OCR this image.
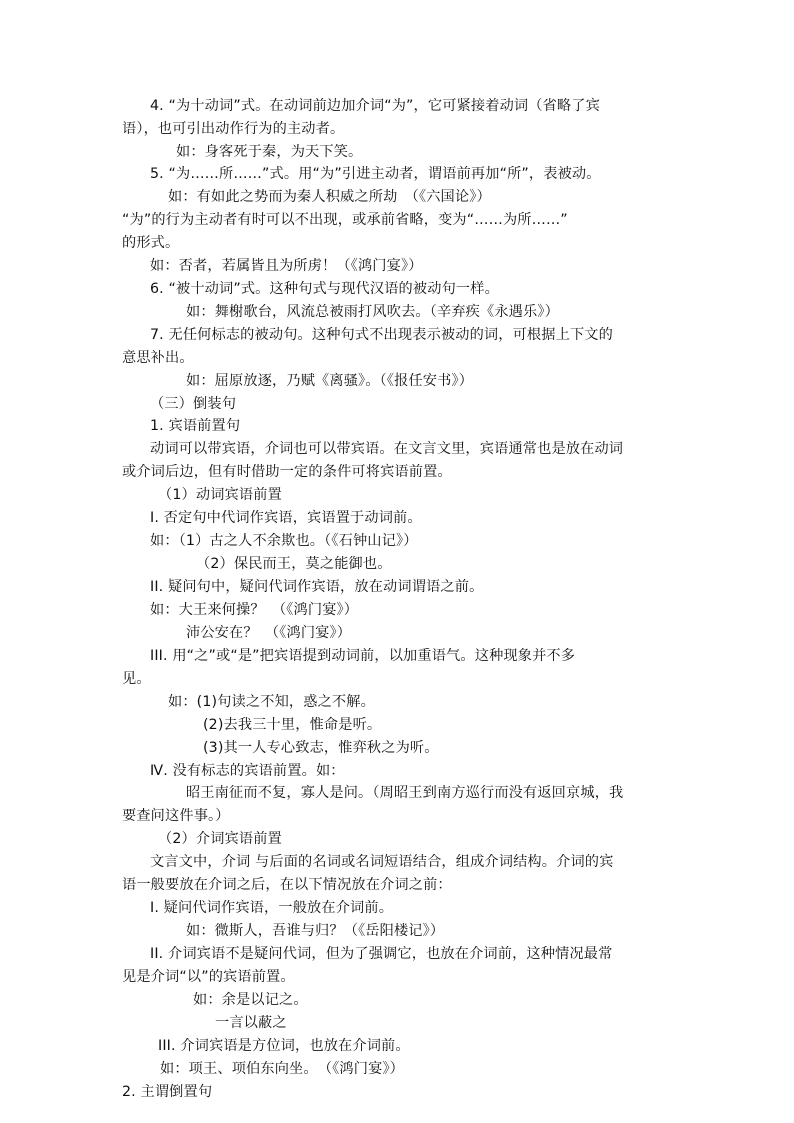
4. “为十动词”式。在动词前边加介词“为”，它可紧接着动词（省略了宾
语），也可引出动作行为的主动者。
如：身客死于秦，为天下笑。
5. “为……所……”式。用“为”引进主动者，谓语前再加“所”，表被动。
如：有如此之势而为秦人积威之所劫　（《六国论》）
“为”的行为主动者有时可以不出现，或承前省略，变为“……为所……”
的形式。
如：否者，若属皆且为所虏！（《鸿门宴》）
6. “被十动词”式。这种句式与现代汉语的被动句一样。
如：舞榭歌台，风流总被雨打风吹去。（辛弃疾《永遇乐》）
7. 无任何标志的被动句。这种句式不出现表示被动的词，可根据上下文的
意思补出。
如：屈原放逐，乃赋《离骚》。（《报任安书》）
（三）倒装句
1. 宾语前置句
动词可以带宾语，介词也可以带宾语。在文言文里，宾语通常也是放在动词
或介词后边，但有时借助一定的条件可将宾语前置。
（1）动词宾语前置
I. 否定句中代词作宾语，宾语置于动词前。
如：（1）古之人不余欺也。（《石钟山记》）
（2）保民而王，莫之能御也。
II. 疑问句中，疑问代词作宾语，放在动词谓语之前。
如：大王来何操？　（《鸿门宴》）
沛公安在？　（《鸿门宴》）
III. 用“之”或“是”把宾语提到动词前，以加重语气。这种现象并不多
见。
如：(1)句读之不知，惑之不解。
(2)去我三十里，惟命是听。
(3)其一人专心致志，惟弈秋之为听。
Ⅳ. 没有标志的宾语前置。如：
昭王南征而不复，寡人是问。（周昭王到南方巡行而没有返回京城，我
要查问这件事。）
（2）介词宾语前置
文言文中，介词 与后面的名词或名词短语结合，组成介词结构。介词的宾
语一般要放在介词之后，在以下情况放在介词之前：
I. 疑问代词作宾语，一般放在介词前。
如：微斯人，吾谁与归？（《岳阳楼记》）
II. 介词宾语不是疑问代词，但为了强调它，也放在介词前，这种情况最常
见是介词“以”的宾语前置。
如：余是以记之。
一言以蔽之
III. 介词宾语是方位词，也放在介词前。
如：项王、项伯东向坐。　（《鸿门宴》）
2. 主谓倒置句
